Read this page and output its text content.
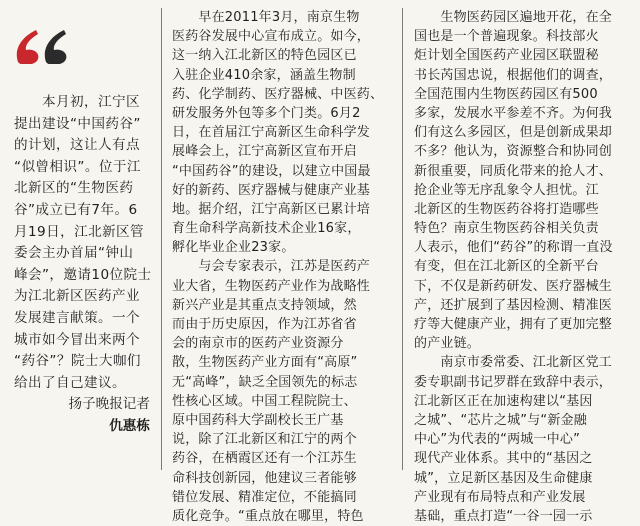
　　本月初，江宁区
提出建设“中国药谷”
的计划，这让人有点
“似曾相识”。位于江
北新区的“生物医药
谷”成立已有7年。6
月19日，江北新区管
委会主办首届“钟山
峰会”，邀请10位院士
为江北新区医药产业
发展建言献策。一个
城市如今冒出来两个
“药谷”？院士大咖们
给出了自己建议。
扬子晚报记者
仇惠栋
　　早在2011年3月，南京生物
医药谷发展中心宣布成立。如今，
这一纳入江北新区的特色园区已
入驻企业410余家，涵盖生物制
药、化学制药、医疗器械、中医药、
研发服务外包等多个门类。6月2
日，在首届江宁高新区生命科学发
展峰会上，江宁高新区宣布开启
“中国药谷”的建设，以建立中国最
好的新药、医疗器械与健康产业基
地。据介绍，江宁高新区已累计培
育生命科学高新技术企业16家，
孵化毕业企业23家。
　　与会专家表示，江苏是医药产
业大省，生物医药产业作为战略性
新兴产业是其重点支持领域，然
而由于历史原因，作为江苏省省
会的南京市的医药产业资源分
散，生物医药产业方面有“高原”
无“高峰”，缺乏全国领先的标志
性核心区域。中国工程院院士、
原中国药科大学副校长王广基
说，除了江北新区和江宁的两个
药谷，在栖霞区还有一个江苏生
命科技创新园，他建议三者能够
错位发展、精准定位，不能搞同
质化竞争。“重点放在哪里，特色
　　生物医药园区遍地开花，在全
国也是一个普遍现象。科技部火
炬计划全国医药产业园区联盟秘
书长芮国忠说，根据他们的调查，
全国范围内生物医药园区有500
多家，发展水平参差不齐。为何我
们有这么多园区，但是创新成果却
不多？他认为，资源整合和协同创
新很重要，同质化带来的抢人才、
抢企业等无序乱象令人担忧。江
北新区的生物医药谷将打造哪些
特色？南京生物医药谷相关负责
人表示，他们“药谷”的称谓一直没
有变，但在江北新区的全新平台
下，不仅是新药研发、医疗器械生
产，还扩展到了基因检测、精准医
疗等大健康产业，拥有了更加完整
的产业链。
　　南京市委常委、江北新区党工
委专职副书记罗群在致辞中表示，
江北新区正在加速构建以“基因
之城”、“芯片之城”与“新金融
中心”为代表的“两城一中心”
现代产业体系。其中的“基因之
城”，立足新区基因及生命健康
产业现有布局特点和产业发展
基础，重点打造“一谷一园一示
